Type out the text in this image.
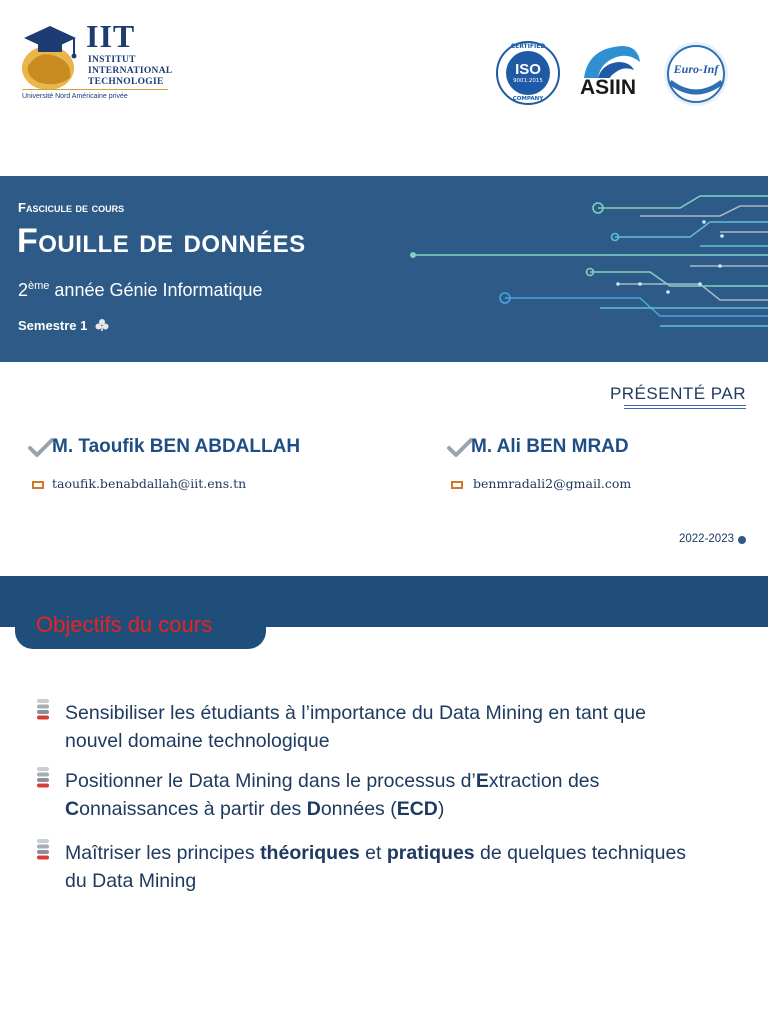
IIT
INSTITUT
INTERNATIONAL
TECHNOLOGIE
Université Nord Américaine privée
CERTIFIED
ISO
9001:2015
COMPANY	ASIIN
Euro-Inf
Fascicule de cours
Fouille de données
2ème année Génie Informatique
Semestre 1
PRÉSENTÉ PAR
M. Taoufik BEN ABDALLAH
taoufik.benabdallah@iit.ens.tn
M. Ali BEN MRAD
benmradali2@gmail.com
2022-2023
Objectifs du cours
Sensibiliser les étudiants à l’importance du Data Mining en tant que nouvel domaine technologique
Positionner le Data Mining dans le processus d’Extraction des Connaissances à partir des Données (ECD)
Maîtriser les principes théoriques et pratiques de quelques techniques du Data Mining
